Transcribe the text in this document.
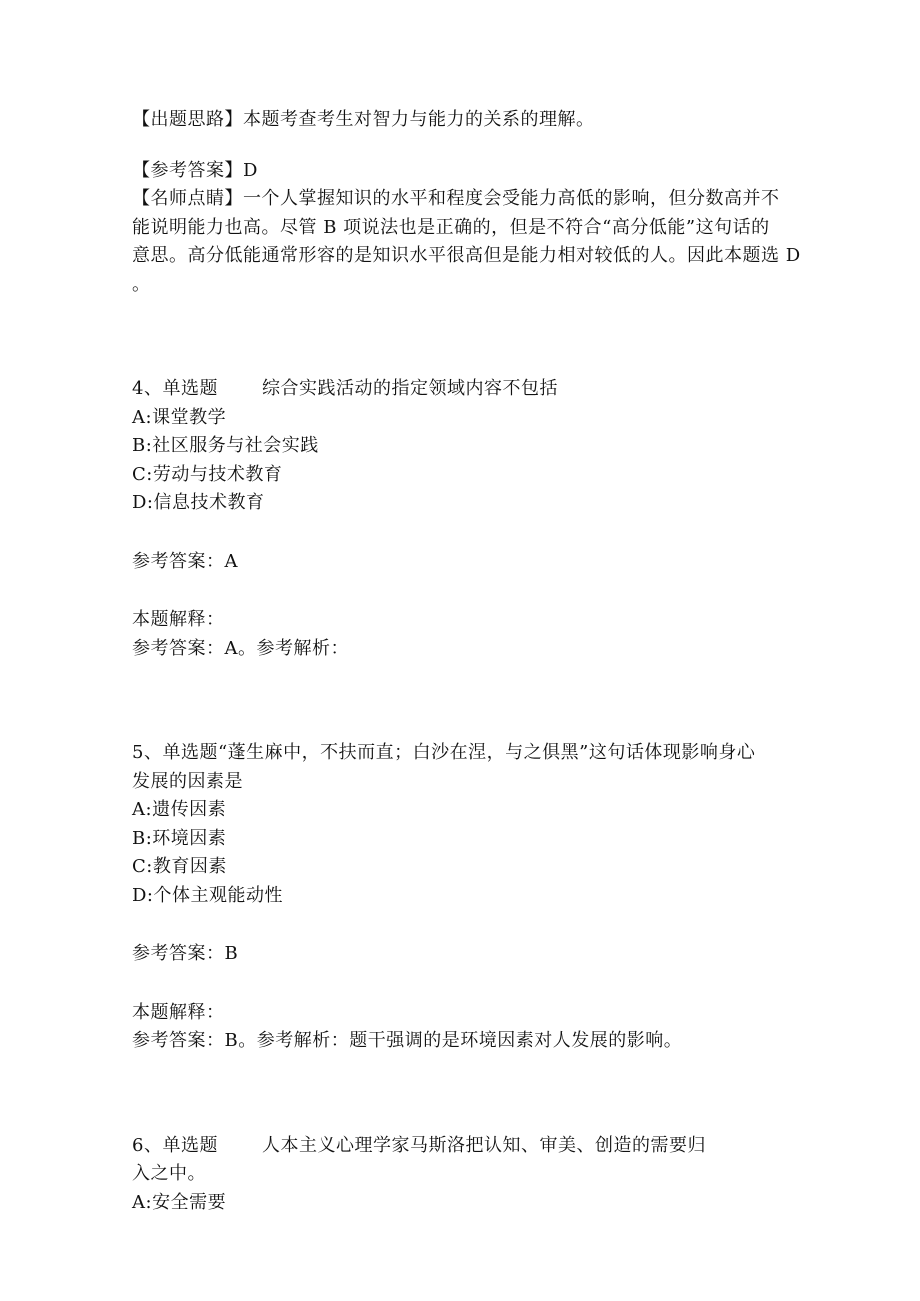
【出题思路】本题考查考生对智力与能力的关系的理解。
【参考答案】D
【名师点睛】一个人掌握知识的水平和程度会受能力高低的影响，但分数高并不
能说明能力也高。尽管 B 项说法也是正确的，但是不符合“高分低能”这句话的
意思。高分低能通常形容的是知识水平很高但是能力相对较低的人。因此本题选 D
。
4、单选题 综合实践活动的指定领域内容不包括
A:课堂教学
B:社区服务与社会实践
C:劳动与技术教育
D:信息技术教育
参考答案：A
本题解释：
参考答案：A。参考解析：
5、单选题“蓬生麻中，不扶而直；白沙在涅，与之俱黑”这句话体现影响身心
发展的因素是
A:遗传因素
B:环境因素
C:教育因素
D:个体主观能动性
参考答案：B
本题解释：
参考答案：B。参考解析：题干强调的是环境因素对人发展的影响。
6、单选题 人本主义心理学家马斯洛把认知、审美、创造的需要归
入之中。
A:安全需要
